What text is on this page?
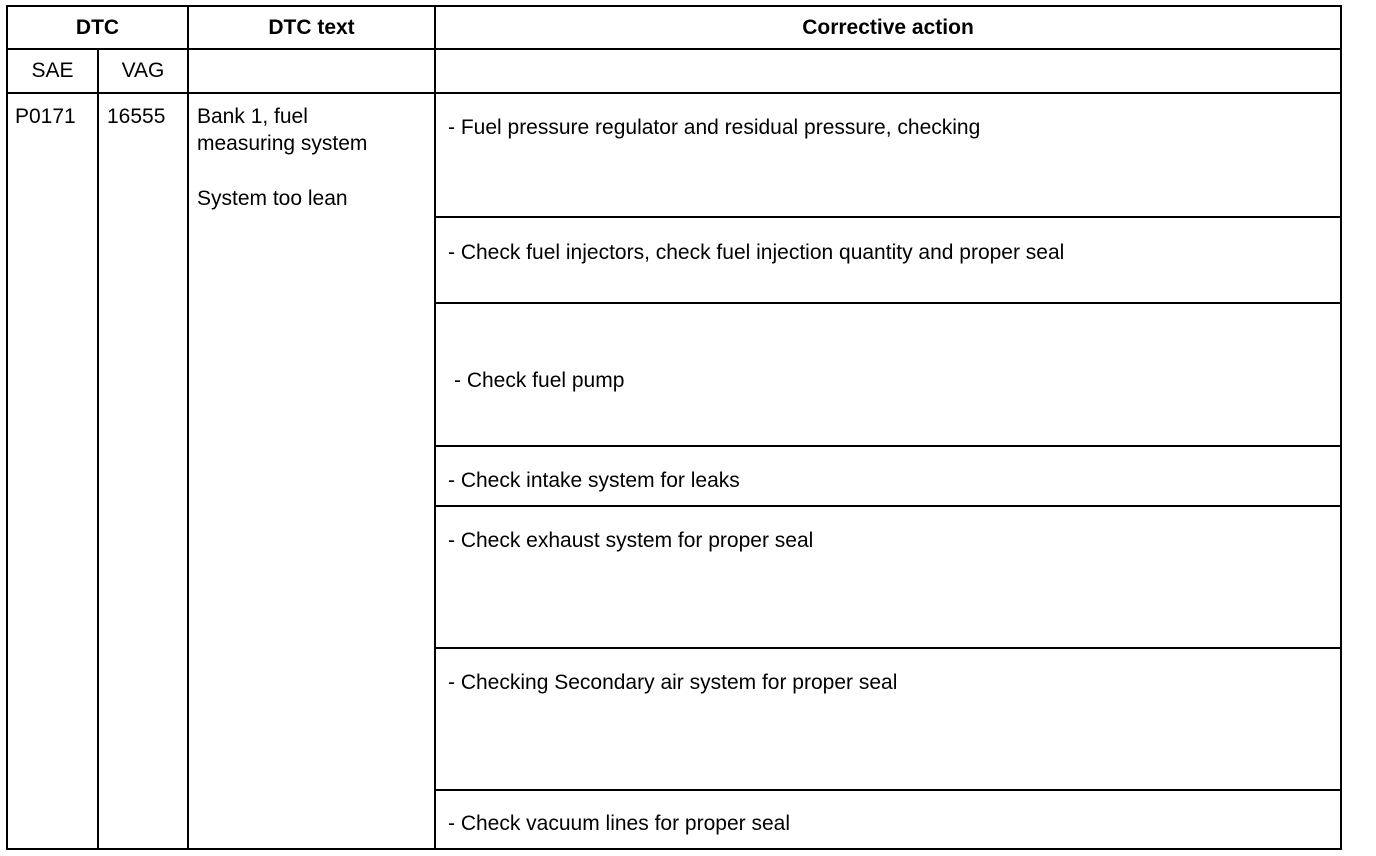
DTC	DTC text	Corrective action
SAE VAG
P0171 16555 Bank 1, fuel
measuring system
System too lean
- Fuel pressure regulator and residual pressure, checking
- Check fuel injectors, check fuel injection quantity and proper seal
- Check fuel pump
- Check intake system for leaks
- Check exhaust system for proper seal
- Checking Secondary air system for proper seal
- Check vacuum lines for proper seal
